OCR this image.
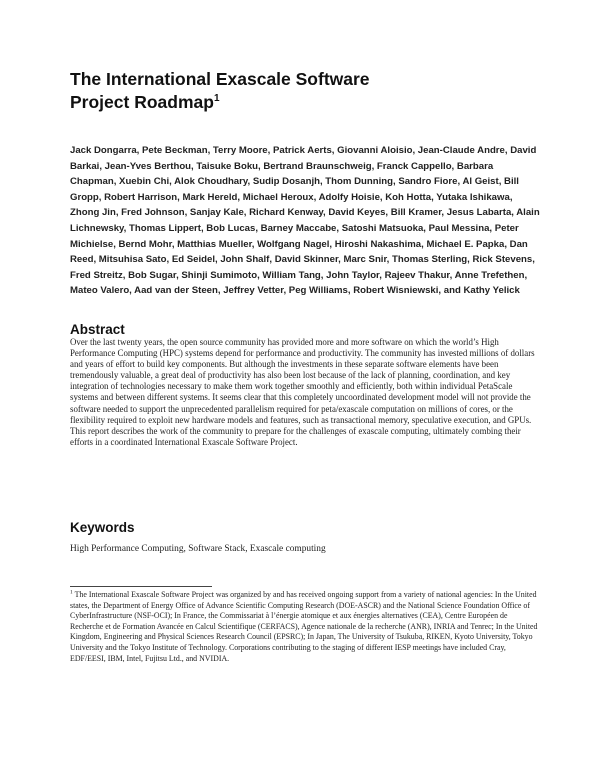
The International Exascale Software
Project Roadmap$^1$

Jack Dongarra, Pete Beckman, Terry Moore, Patrick Aerts, Giovanni Aloisio, Jean-Claude Andre, David Barkai, Jean-Yves Berthou, Taisuke Boku, Bertrand Braunschweig, Franck Cappello, Barbara Chapman, Xuebin Chi, Alok Choudhary, Sudip Dosanjh, Thom Dunning, Sandro Fiore, Al Geist, Bill Gropp, Robert Harrison, Mark Hereld, Michael Heroux, Adolfy Hoisie, Koh Hotta, Yutaka Ishikawa, Zhong Jin, Fred Johnson, Sanjay Kale, Richard Kenway, David Keyes, Bill Kramer, Jesus Labarta, Alain Lichnewsky, Thomas Lippert, Bob Lucas, Barney Maccabe, Satoshi Matsuoka, Paul Messina, Peter Michielse, Bernd Mohr, Matthias Mueller, Wolfgang Nagel, Hiroshi Nakashima, Michael E. Papka, Dan Reed, Mitsuhisa Sato, Ed Seidel, John Shalf, David Skinner, Marc Snir, Thomas Sterling, Rick Stevens, Fred Streitz, Bob Sugar, Shinji Sumimoto, William Tang, John Taylor, Rajeev Thakur, Anne Trefethen, Mateo Valero, Aad van der Steen, Jeffrey Vetter, Peg Williams, Robert Wisniewski, and Kathy Yelick

Abstract

Over the last twenty years, the open source community has provided more and more software on which the world’s High Performance Computing (HPC) systems depend for performance and productivity. The community has invested millions of dollars and years of effort to build key components. But although the investments in these separate software elements have been tremendously valuable, a great deal of productivity has also been lost because of the lack of planning, coordination, and key integration of technologies necessary to make them work together smoothly and efficiently, both within individual PetaScale systems and between different systems. It seems clear that this completely uncoordinated development model will not provide the software needed to support the unprecedented parallelism required for peta/exascale computation on millions of cores, or the flexibility required to exploit new hardware models and features, such as transactional memory, speculative execution, and GPUs. This report describes the work of the community to prepare for the challenges of exascale computing, ultimately combing their efforts in a coordinated International Exascale Software Project.

Keywords

High Performance Computing, Software Stack, Exascale computing

$^1$ The International Exascale Software Project was organized by and has received ongoing support from a variety of national agencies: In the United states, the Department of Energy Office of Advance Scientific Computing Research (DOE-ASCR) and the National Science Foundation Office of CyberInfrastructure (NSF-OCI); In France, the Commissariat à l’énergie atomique et aux énergies alternatives (CEA), Centre Européen de Recherche et de Formation Avancée en Calcul Scientifique (CERFACS), Agence nationale de la recherche (ANR), INRIA and Tenrec; In the United Kingdom, Engineering and Physical Sciences Research Council (EPSRC); In Japan, The University of Tsukuba, RIKEN, Kyoto University, Tokyo University and the Tokyo Institute of Technology. Corporations contributing to the staging of different IESP meetings have included Cray, EDF/EESI, IBM, Intel, Fujitsu Ltd., and NVIDIA.
